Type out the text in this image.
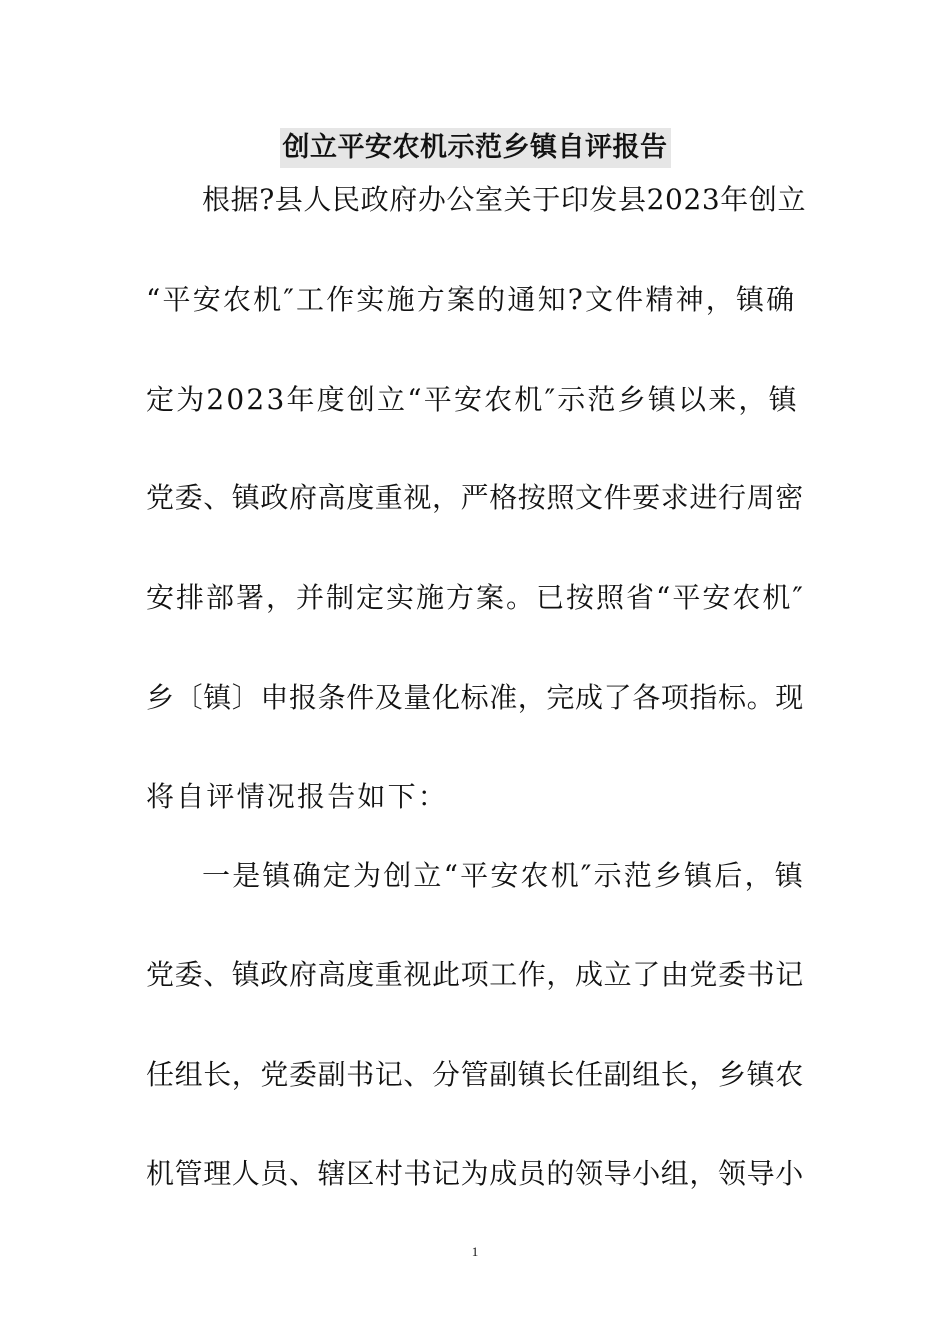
创立平安农机示范乡镇自评报告
根据?县人民政府办公室关于印发县2023年创立
“平安农机″工作实施方案的通知?文件精神，镇确
定为2023年度创立“平安农机″示范乡镇以来，镇
党委、镇政府高度重视，严格按照文件要求进行周密
安排部署，并制定实施方案。已按照省“平安农机″
乡〔镇〕申报条件及量化标准，完成了各项指标。现
将自评情况报告如下：
一是镇确定为创立“平安农机″示范乡镇后，镇
党委、镇政府高度重视此项工作，成立了由党委书记
任组长，党委副书记、分管副镇长任副组长，乡镇农
机管理人员、辖区村书记为成员的领导小组，领导小
1
